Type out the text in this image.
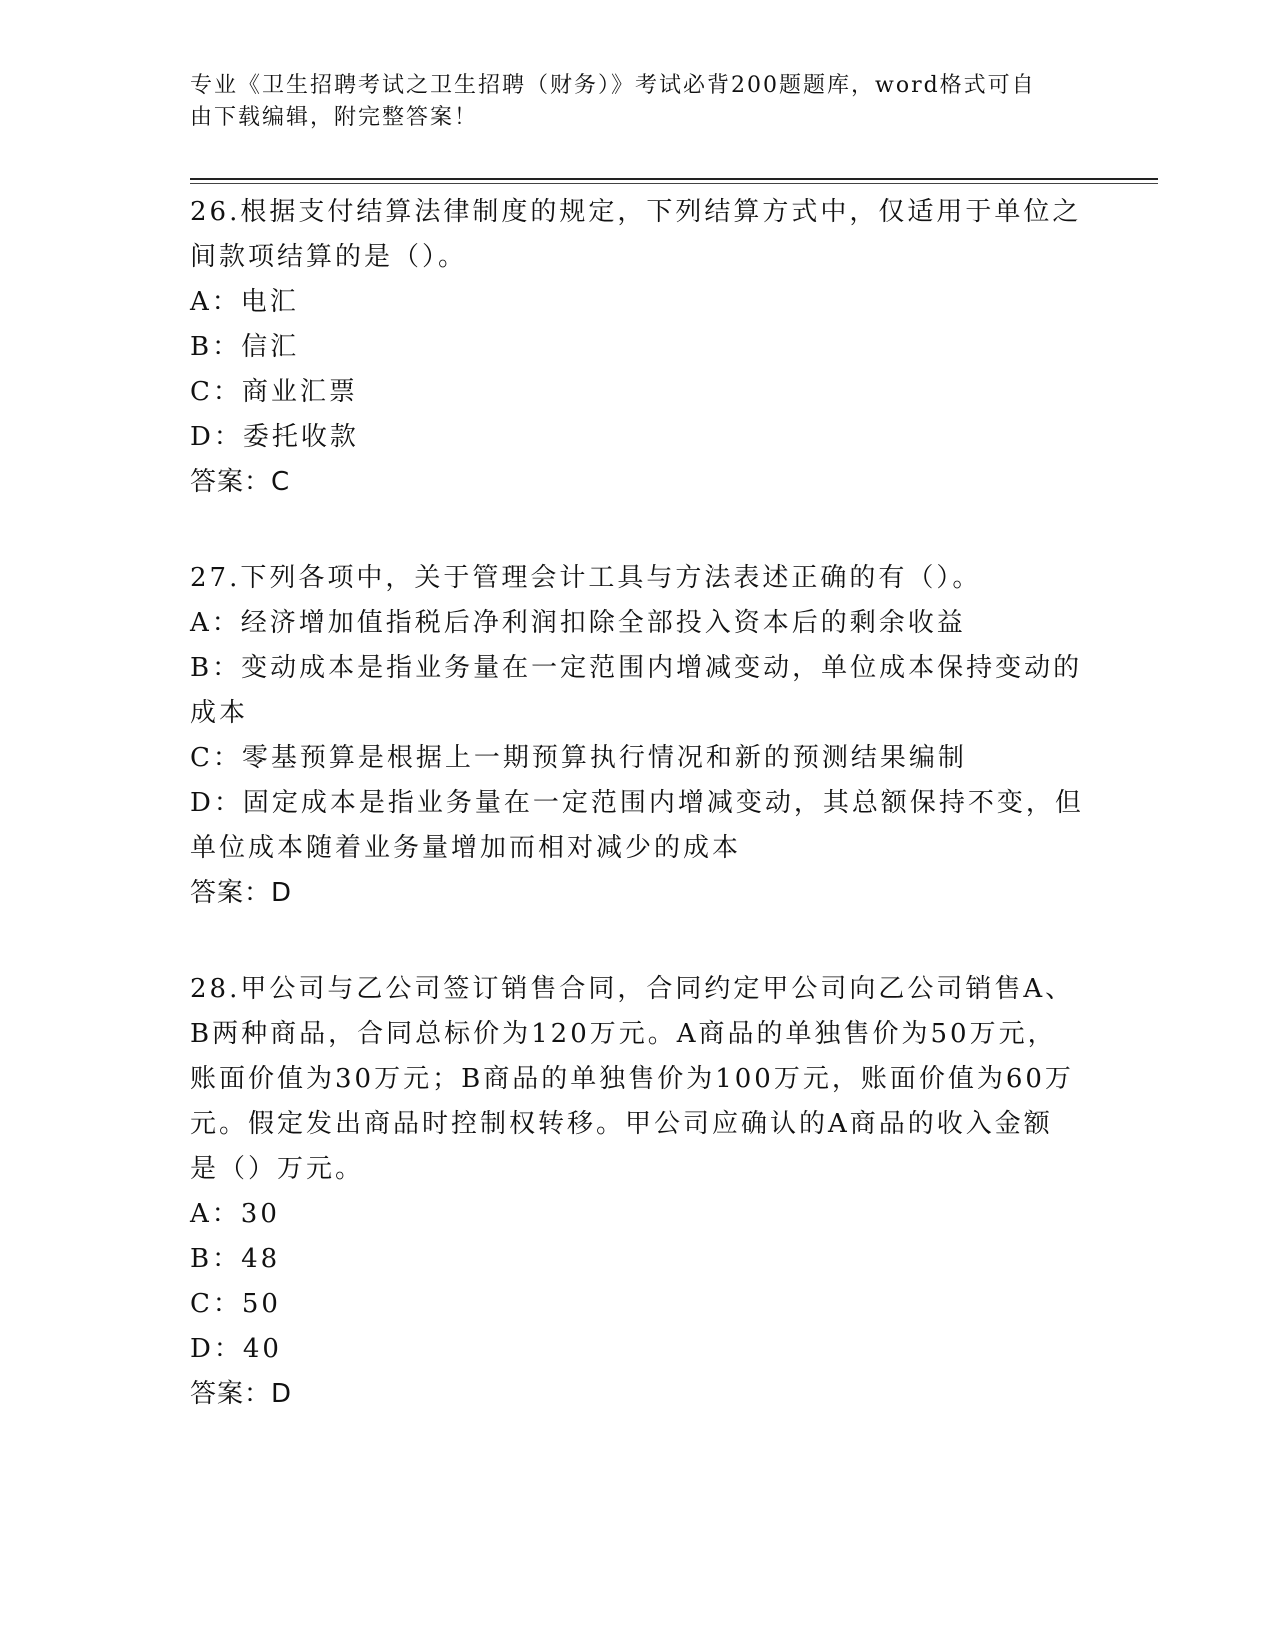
专业《卫生招聘考试之卫生招聘（财务）》考试必背200题题库，word格式可自
由下载编辑，附完整答案！
26.根据支付结算法律制度的规定，下列结算方式中，仅适用于单位之
间款项结算的是（）。
A：电汇
B：信汇
C：商业汇票
D：委托收款
答案：C
27.下列各项中，关于管理会计工具与方法表述正确的有（）。
A：经济增加值指税后净利润扣除全部投入资本后的剩余收益
B：变动成本是指业务量在一定范围内增减变动，单位成本保持变动的
成本
C：零基预算是根据上一期预算执行情况和新的预测结果编制
D：固定成本是指业务量在一定范围内增减变动，其总额保持不变，但
单位成本随着业务量增加而相对减少的成本
答案：D
28.甲公司与乙公司签订销售合同，合同约定甲公司向乙公司销售A、
B两种商品，合同总标价为120万元。A商品的单独售价为50万元，
账面价值为30万元；B商品的单独售价为100万元，账面价值为60万
元。假定发出商品时控制权转移。甲公司应确认的A商品的收入金额
是（）万元。
A：30
B：48
C：50
D：40
答案：D
